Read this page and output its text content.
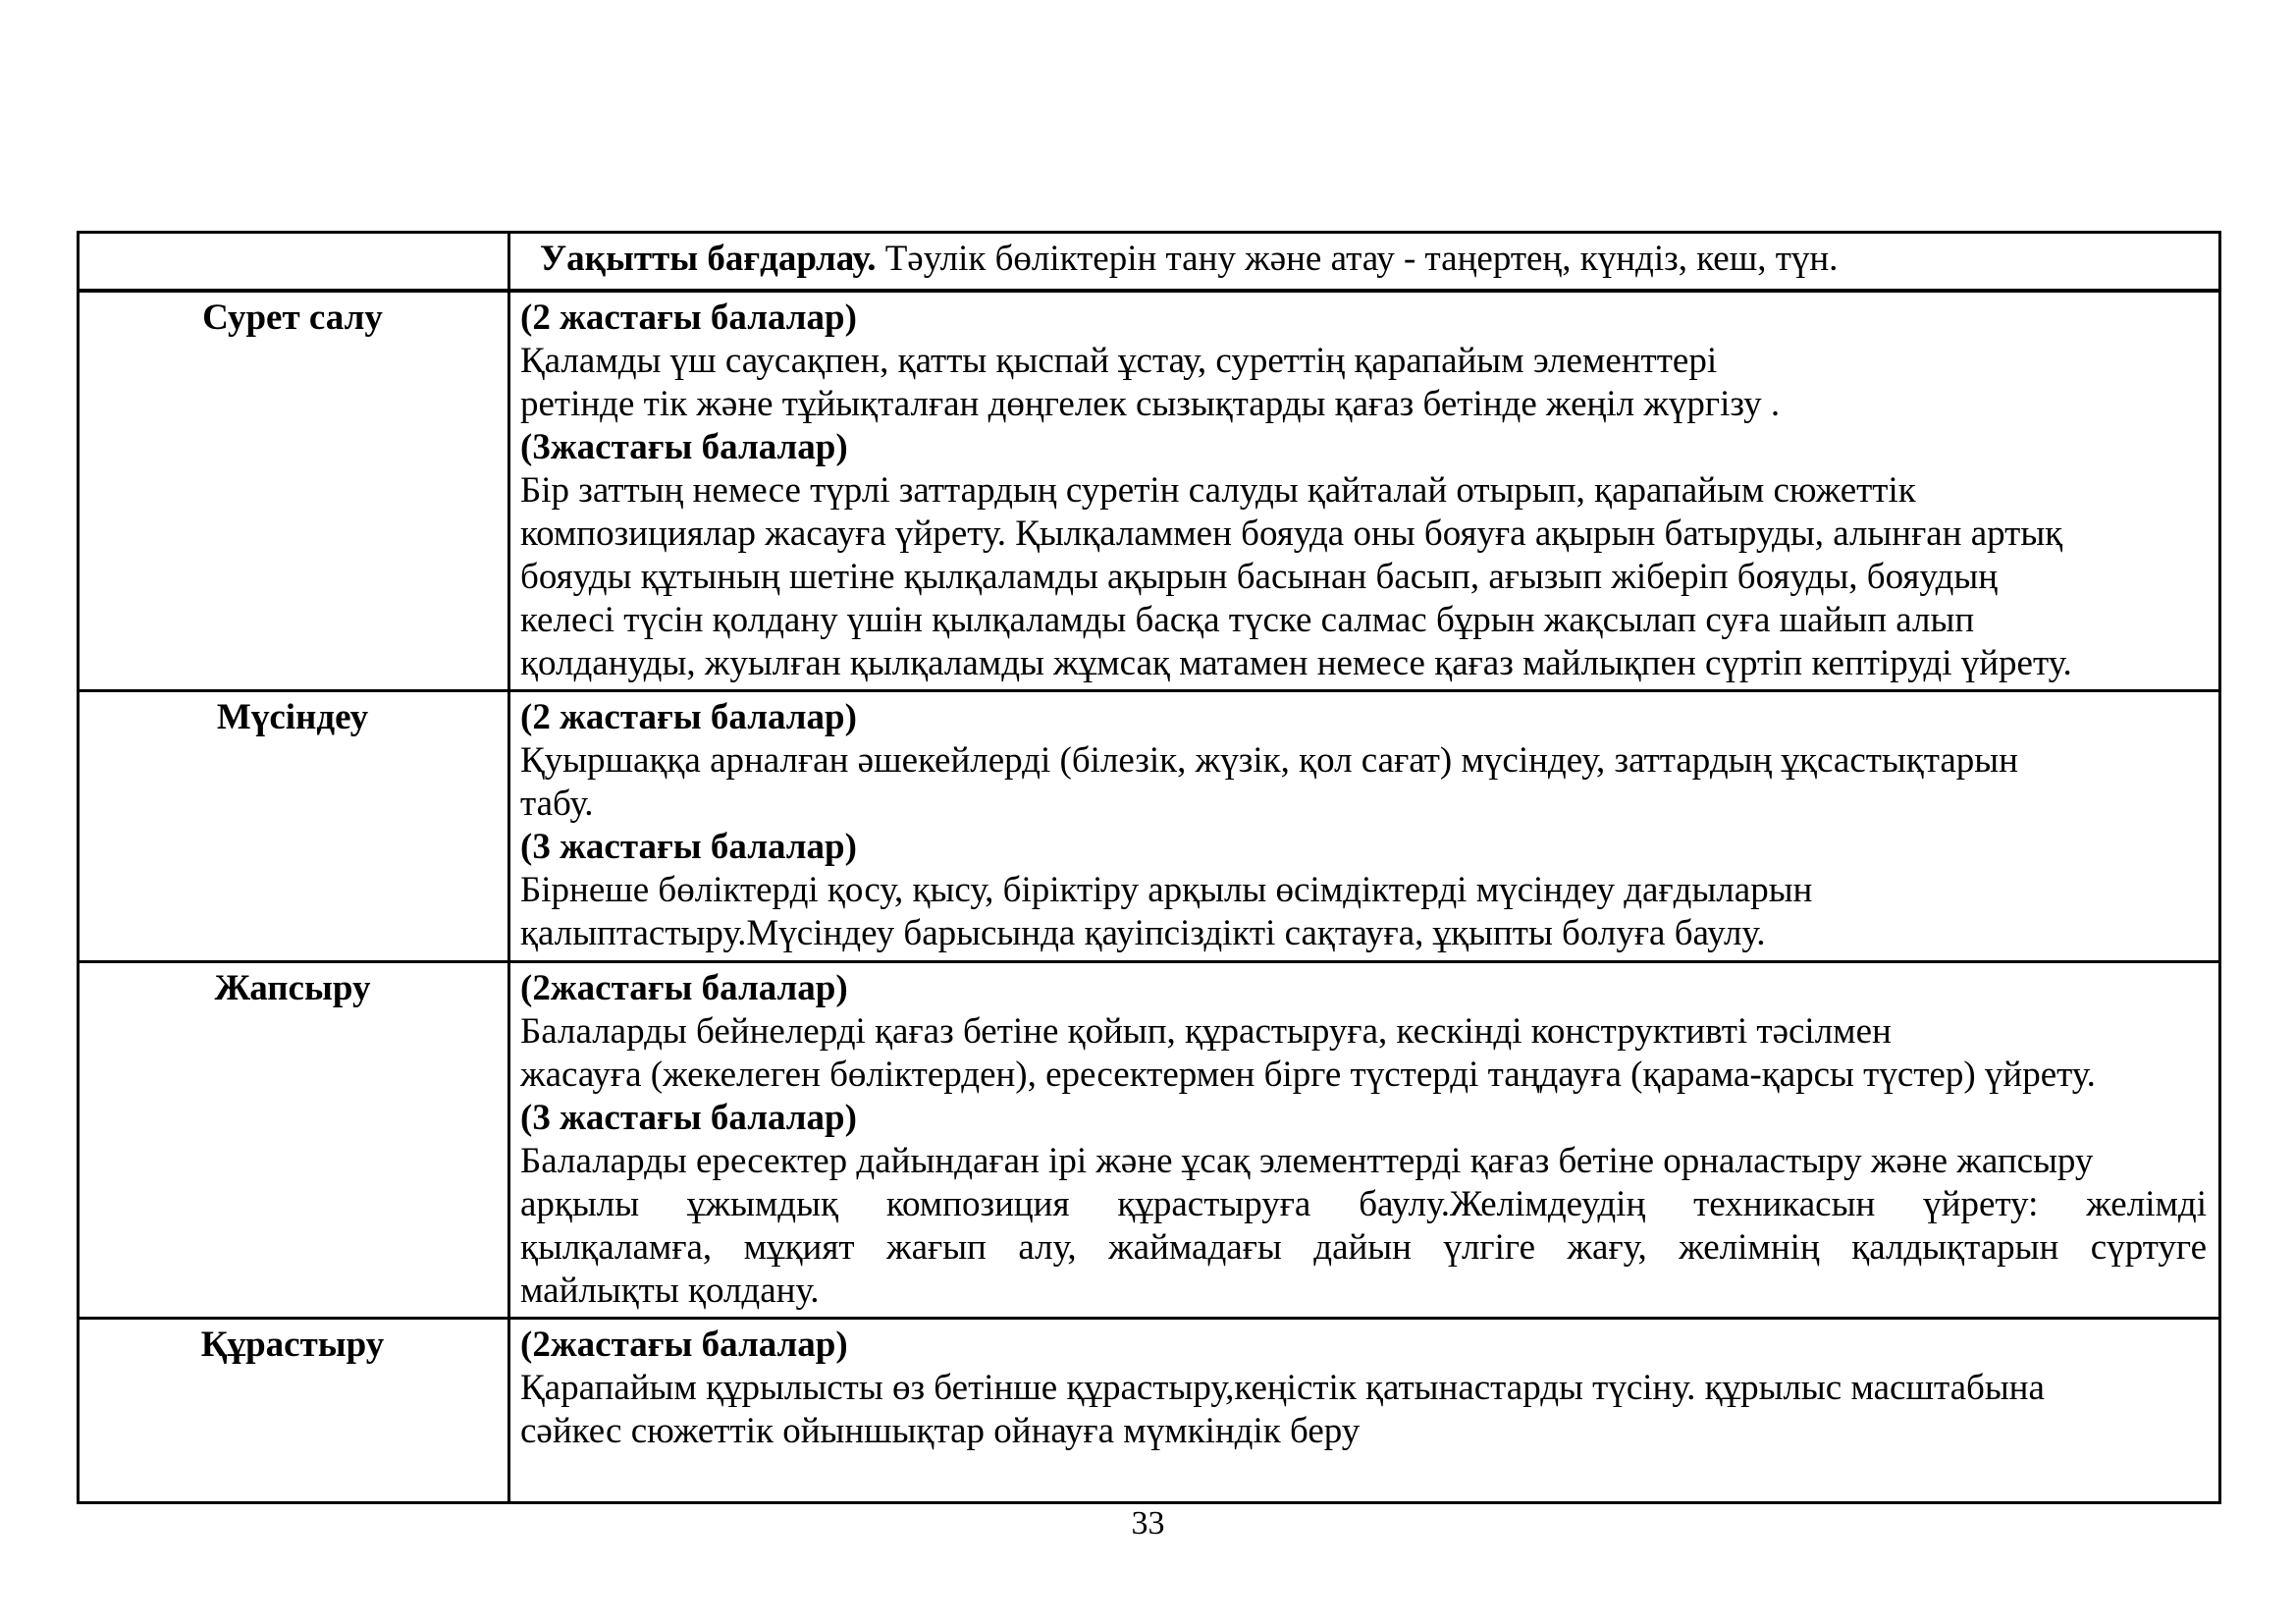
	Уақытты бағдарлау. Тәулік бөліктерін тану және атау - таңертең, күндіз, кеш, түн.

Сурет салу	(2 жастағы балалар)
Қаламды үш саусақпен, қатты қыспай ұстау, суреттің қарапайым элементтері
ретінде тік және тұйықталған дөңгелек сызықтарды қағаз бетінде жеңіл жүргізу .
(3жастағы балалар)
Бір заттың немесе түрлі заттардың суретін салуды қайталай отырып, қарапайым сюжеттік
композициялар жасауға үйрету. Қылқаламмен бояуда оны бояуға ақырын батыруды, алынған артық
бояуды құтының шетіне қылқаламды ақырын басынан басып, ағызып жіберіп бояуды, бояудың
келесі түсін қолдану үшін қылқаламды басқа түске салмас бұрын жақсылап суға шайып алып
қолдануды, жуылған қылқаламды жұмсақ матамен немесе қағаз майлықпен сүртіп кептіруді үйрету.

Мүсіндеу	(2 жастағы балалар)
Қуыршаққа арналған әшекейлерді (білезік, жүзік, қол сағат) мүсіндеу, заттардың ұқсастықтарын
табу.
(3 жастағы балалар)
Бірнеше бөліктерді қосу, қысу, біріктіру арқылы өсімдіктерді мүсіндеу дағдыларын
қалыптастыру.Мүсіндеу барысында қауіпсіздікті сақтауға, ұқыпты болуға баулу.

Жапсыру	(2жастағы балалар)
Балаларды бейнелерді қағаз бетіне қойып, құрастыруға, кескінді конструктивті тәсілмен
жасауға (жекелеген бөліктерден), ересектермен бірге түстерді таңдауға (қарама-қарсы түстер) үйрету.
(3 жастағы балалар)
Балаларды ересектер дайындаған ірі және ұсақ элементтерді қағаз бетіне орналастыру және жапсыру
арқылы ұжымдық композиция құрастыруға баулу.Желімдеудің техникасын үйрету: желімді
қылқаламға, мұқият жағып алу, жаймадағы дайын үлгіге жағу, желімнің қалдықтарын сүртуге
майлықты қолдану.

Құрастыру	(2жастағы балалар)
Қарапайым құрылысты өз бетінше құрастыру,кеңістік қатынастарды түсіну. құрылыс масштабына
сәйкес сюжеттік ойыншықтар ойнауға мүмкіндік беру
33
